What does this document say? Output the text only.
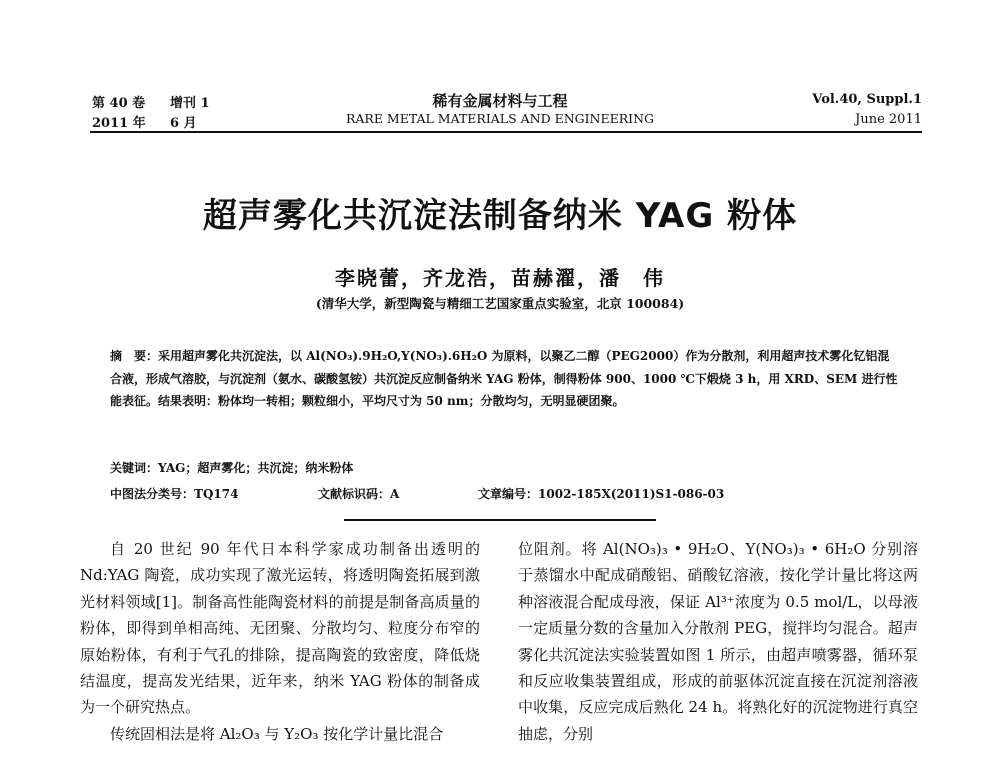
第 40 卷 增刊 1
2011 年 6 月
稀有金属材料与工程
RARE METAL MATERIALS AND ENGINEERING
Vol.40, Suppl.1
June 2011
超声雾化共沉淀法制备纳米 YAG 粉体
李晓蕾，齐龙浩，苗赫濯，潘　伟
(清华大学，新型陶瓷与精细工艺国家重点实验室，北京 100084)
摘　要：采用超声雾化共沉淀法，以 Al(NO₃).9H₂O,Y(NO₃).6H₂O 为原料，以聚乙二醇（PEG2000）作为分散剂，利用超声技术雾化钇铝混合液，形成气溶胶，与沉淀剂（氨水、碳酸氢铵）共沉淀反应制备纳米 YAG 粉体，制得粉体 900、1000 ℃下煅烧 3 h，用 XRD、SEM 进行性能表征。结果表明：粉体均一转相；颗粒细小，平均尺寸为 50 nm；分散均匀，无明显硬团聚。
关键词：YAG；超声雾化；共沉淀；纳米粉体
中图法分类号：TQ174	文献标识码：A	文章编号：1002-185X(2011)S1-086-03

自 20 世纪 90 年代日本科学家成功制备出透明的 Nd:YAG 陶瓷，成功实现了激光运转，将透明陶瓷拓展到激光材料领域[1]。制备高性能陶瓷材料的前提是制备高质量的粉体，即得到单相高纯、无团聚、分散均匀、粒度分布窄的原始粉体，有利于气孔的排除，提高陶瓷的致密度，降低烧结温度，提高发光结果，近年来，纳米 YAG 粉体的制备成为一个研究热点。

传统固相法是将 Al₂O₃ 与 Y₂O₃ 按化学计量比混合

位阻剂。将 Al(NO₃)₃ • 9H₂O、Y(NO₃)₃ • 6H₂O 分别溶于蒸馏水中配成硝酸铝、硝酸钇溶液，按化学计量比将这两种溶液混合配成母液，保证 Al³⁺浓度为 0.5 mol/L，以母液一定质量分数的含量加入分散剂 PEG，搅拌均匀混合。超声雾化共沉淀法实验装置如图 1 所示，由超声喷雾器，循环泵和反应收集装置组成，形成的前驱体沉淀直接在沉淀剂溶液中收集，反应完成后熟化 24 h。将熟化好的沉淀物进行真空抽虑，分别
